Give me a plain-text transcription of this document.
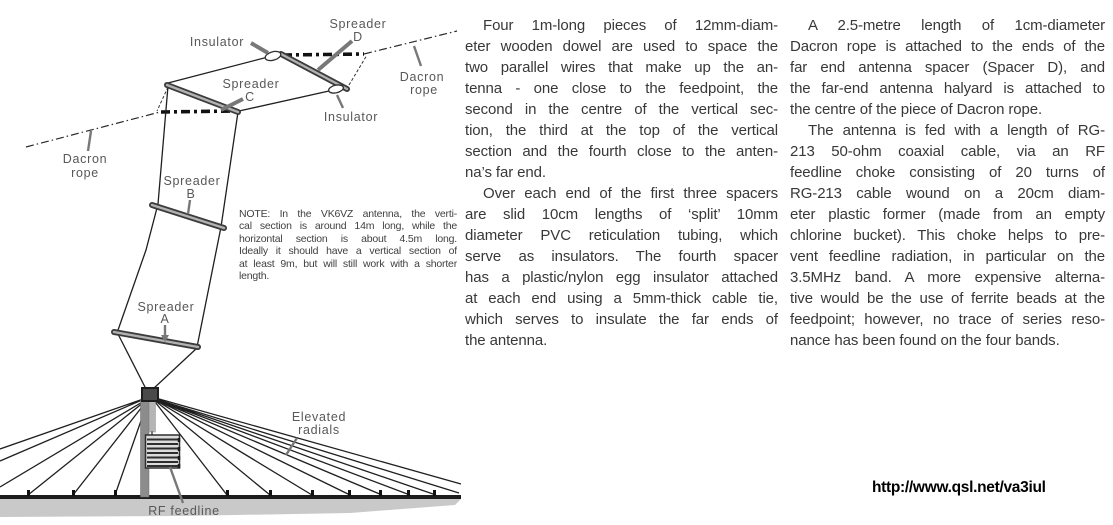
Spreader
D
Insulator
Spreader
C
Dacron
rope
Insulator
Dacron
rope
Spreader
B
Spreader
A
Elevated
radials
RF feedline
NOTE: In the VK6VZ antenna, the verti-
cal section is around 14m long, while the
horizontal section is about 4.5m long.
Ideally it should have a vertical section of
at least 9m, but will still work with a shorter
length.
Four 1m-long pieces of 12mm-diam-
eter wooden dowel are used to space the
two parallel wires that make up the an-
tenna - one close to the feedpoint, the
second in the centre of the vertical sec-
tion, the third at the top of the vertical
section and the fourth close to the anten-
na’s far end.
Over each end of the first three spacers
are slid 10cm lengths of ‘split’ 10mm
diameter PVC reticulation tubing, which
serve as insulators. The fourth spacer
has a plastic/nylon egg insulator attached
at each end using a 5mm-thick cable tie,
which serves to insulate the far ends of
the antenna.
A 2.5-metre length of 1cm-diameter
Dacron rope is attached to the ends of the
far end antenna spacer (Spacer D), and
the far-end antenna halyard is attached to
the centre of the piece of Dacron rope.
The antenna is fed with a length of RG-
213 50-ohm coaxial cable, via an RF
feedline choke consisting of 20 turns of
RG-213 cable wound on a 20cm diam-
eter plastic former (made from an empty
chlorine bucket). This choke helps to pre-
vent feedline radiation, in particular on the
3.5MHz band. A more expensive alterna-
tive would be the use of ferrite beads at the
feedpoint; however, no trace of series reso-
nance has been found on the four bands.
http://www.qsl.net/va3iul
